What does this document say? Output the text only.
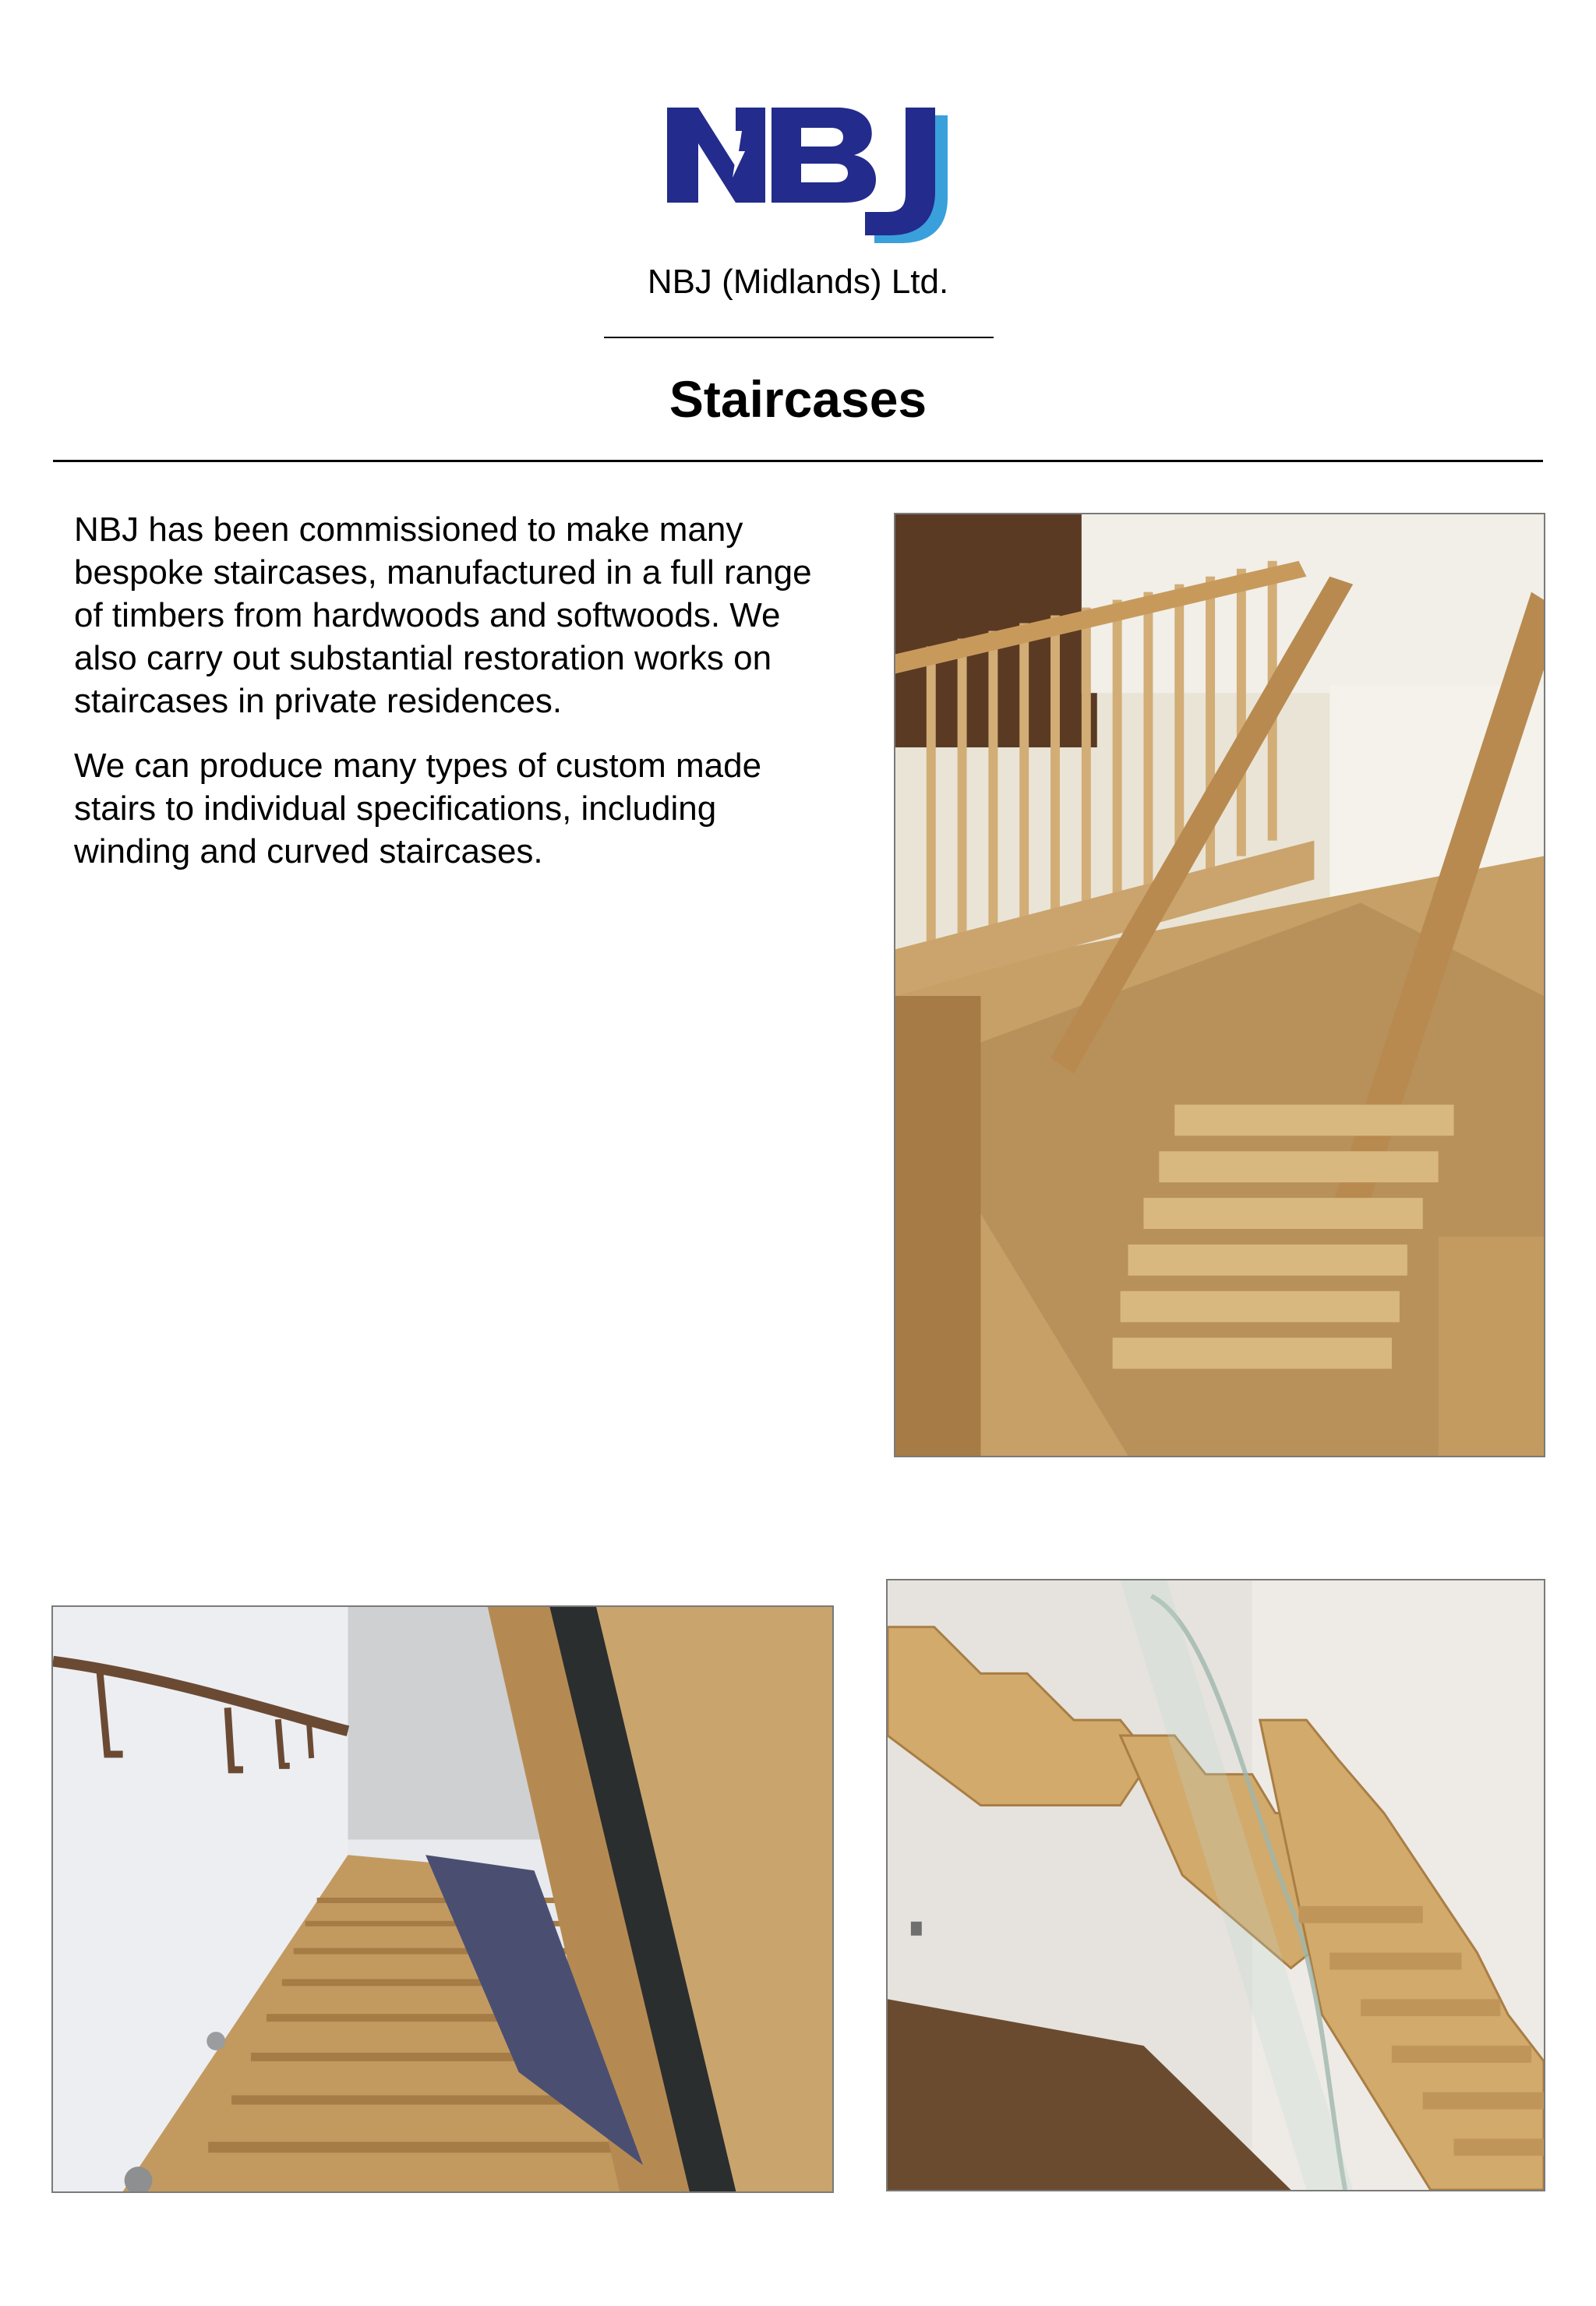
NBJ (Midlands) Ltd.
Staircases

NBJ has been commissioned to make many bespoke staircases, manufactured in a full range of timbers from hardwoods and softwoods. We also carry out substantial restoration works on staircases in private residences.

We can produce many types of custom made stairs to individual specifications, including winding and curved staircases.
